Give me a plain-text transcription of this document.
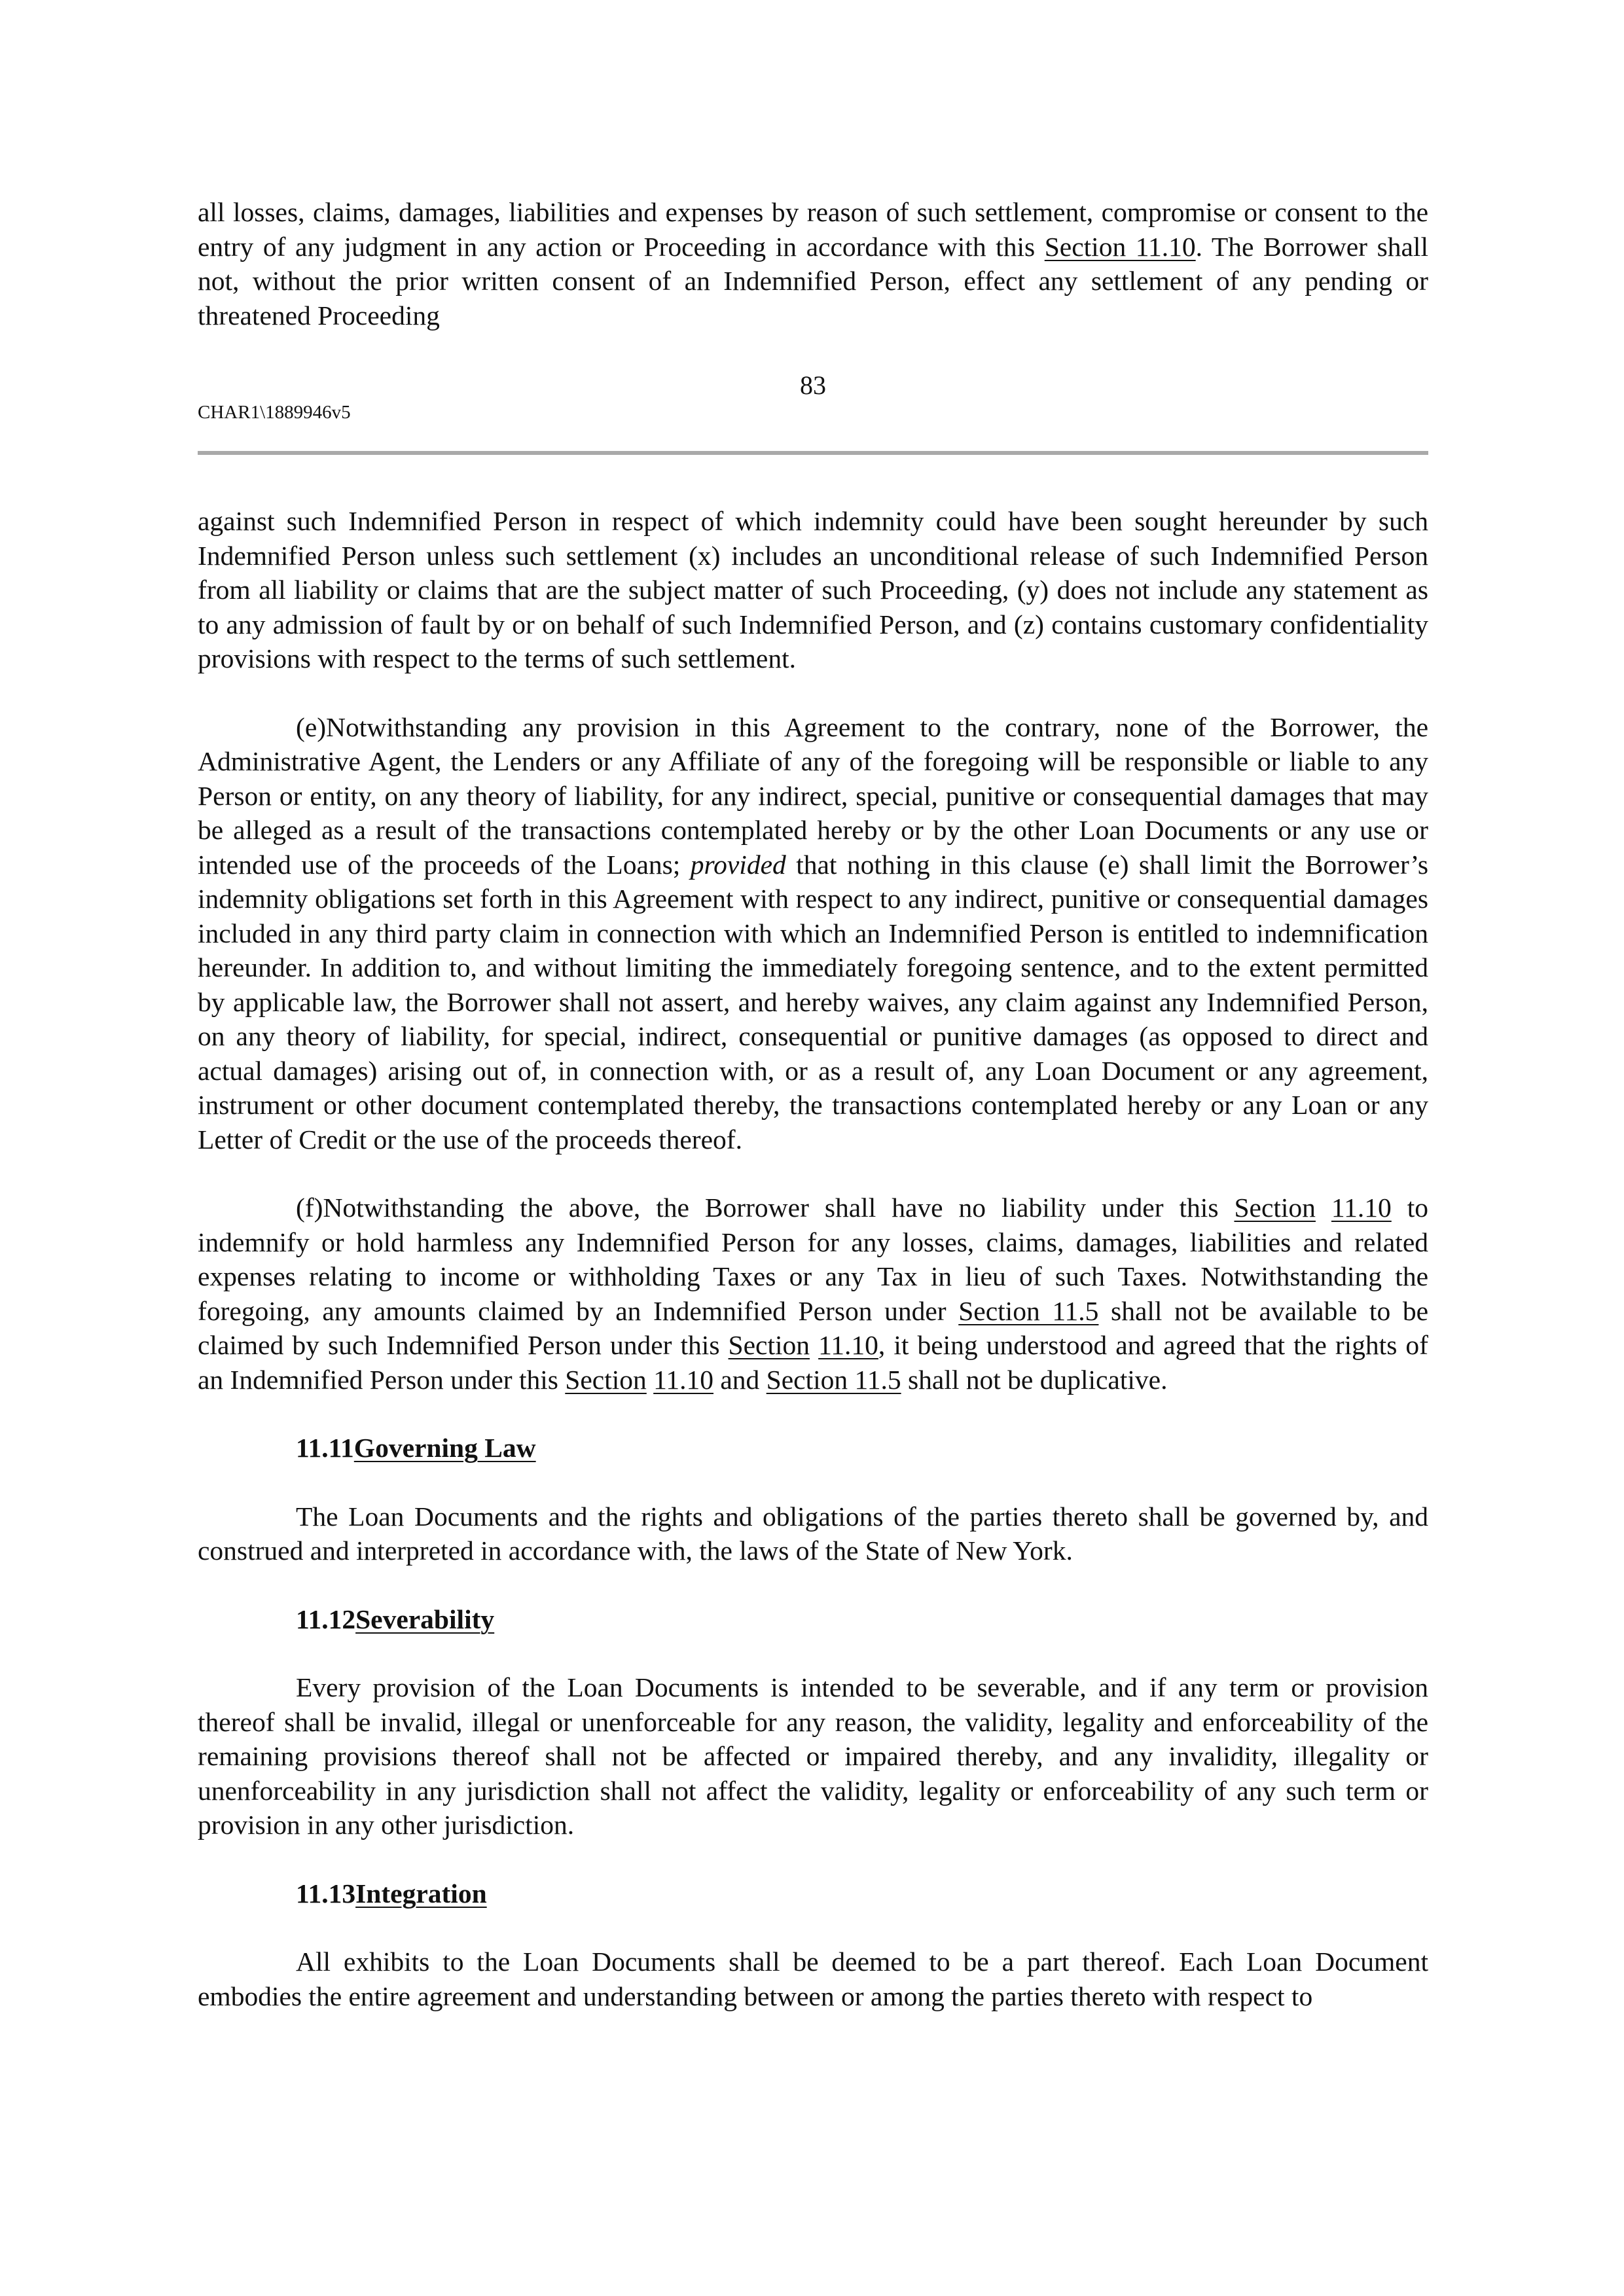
all losses, claims, damages, liabilities and expenses by reason of such settlement, compromise or consent to the entry of any judgment in any action or Proceeding in accordance with this Section 11.10. The Borrower shall not, without the prior written consent of an Indemnified Person, effect any settlement of any pending or threatened Proceeding

83
CHAR1\1889946v5

against such Indemnified Person in respect of which indemnity could have been sought hereunder by such Indemnified Person unless such settlement (x) includes an unconditional release of such Indemnified Person from all liability or claims that are the subject matter of such Proceeding, (y) does not include any statement as to any admission of fault by or on behalf of such Indemnified Person, and (z) contains customary confidentiality provisions with respect to the terms of such settlement.

(e)Notwithstanding any provision in this Agreement to the contrary, none of the Borrower, the Administrative Agent, the Lenders or any Affiliate of any of the foregoing will be responsible or liable to any Person or entity, on any theory of liability, for any indirect, special, punitive or consequential damages that may be alleged as a result of the transactions contemplated hereby or by the other Loan Documents or any use or intended use of the proceeds of the Loans; provided that nothing in this clause (e) shall limit the Borrower’s indemnity obligations set forth in this Agreement with respect to any indirect, punitive or consequential damages included in any third party claim in connection with which an Indemnified Person is entitled to indemnification hereunder. In addition to, and without limiting the immediately foregoing sentence, and to the extent permitted by applicable law, the Borrower shall not assert, and hereby waives, any claim against any Indemnified Person, on any theory of liability, for special, indirect, consequential or punitive damages (as opposed to direct and actual damages) arising out of, in connection with, or as a result of, any Loan Document or any agreement, instrument or other document contemplated thereby, the transactions contemplated hereby or any Loan or any Letter of Credit or the use of the proceeds thereof.

(f)Notwithstanding the above, the Borrower shall have no liability under this Section 11.10 to indemnify or hold harmless any Indemnified Person for any losses, claims, damages, liabilities and related expenses relating to income or withholding Taxes or any Tax in lieu of such Taxes. Notwithstanding the foregoing, any amounts claimed by an Indemnified Person under Section 11.5 shall not be available to be claimed by such Indemnified Person under this Section 11.10, it being understood and agreed that the rights of an Indemnified Person under this Section 11.10 and Section 11.5 shall not be duplicative.

11.11Governing Law

The Loan Documents and the rights and obligations of the parties thereto shall be governed by, and construed and interpreted in accordance with, the laws of the State of New York.

11.12Severability

Every provision of the Loan Documents is intended to be severable, and if any term or provision thereof shall be invalid, illegal or unenforceable for any reason, the validity, legality and enforceability of the remaining provisions thereof shall not be affected or impaired thereby, and any invalidity, illegality or unenforceability in any jurisdiction shall not affect the validity, legality or enforceability of any such term or provision in any other jurisdiction.

11.13Integration

All exhibits to the Loan Documents shall be deemed to be a part thereof. Each Loan Document embodies the entire agreement and understanding between or among the parties thereto with respect to
